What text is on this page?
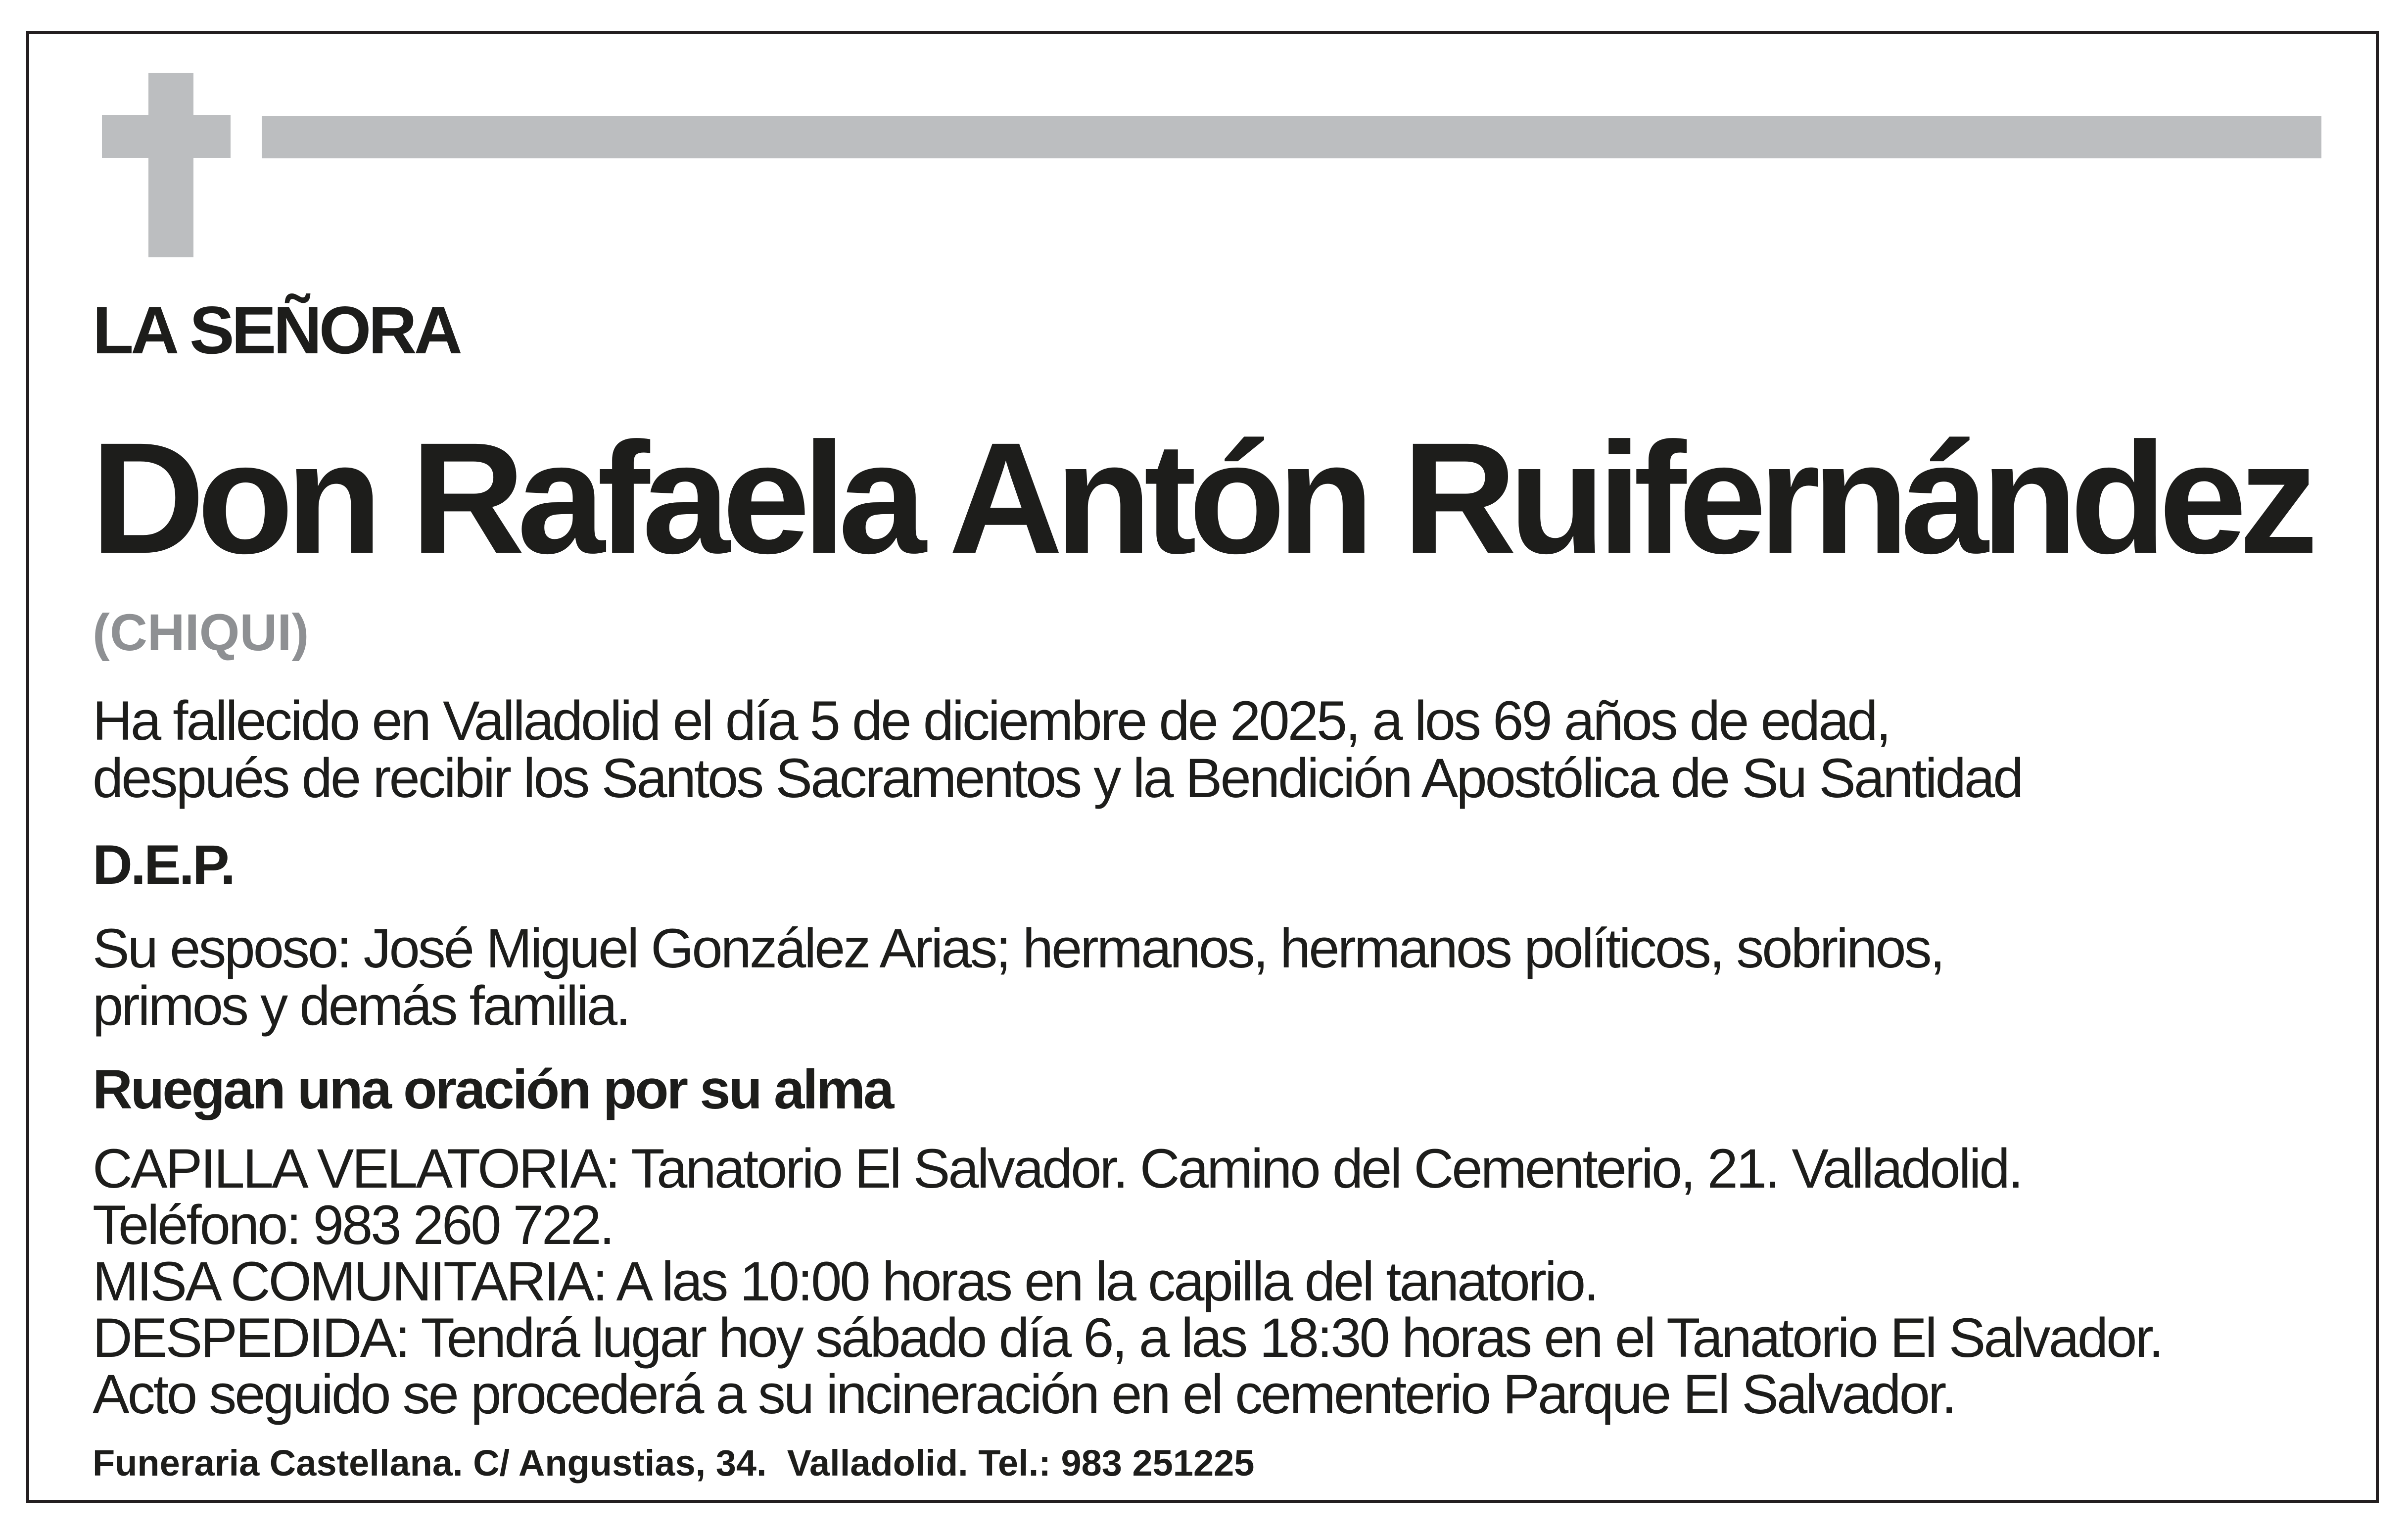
LA SEÑORA
Don Rafaela Antón Ruifernández
(CHIQUI)
Ha fallecido en Valladolid el día 5 de diciembre de 2025, a los 69 años de edad,
después de recibir los Santos Sacramentos y la Bendición Apostólica de Su Santidad
D.E.P.
Su esposo: José Miguel González Arias; hermanos, hermanos políticos, sobrinos,
primos y demás familia.
Ruegan una oración por su alma
CAPILLA VELATORIA: Tanatorio El Salvador. Camino del Cementerio, 21. Valladolid.
Teléfono: 983 260 722.
MISA COMUNITARIA: A las 10:00 horas en la capilla del tanatorio.
DESPEDIDA: Tendrá lugar hoy sábado día 6, a las 18:30 horas en el Tanatorio El Salvador.
Acto seguido se procederá a su incineración en el cementerio Parque El Salvador.
Funeraria Castellana. C/ Angustias, 34.  Valladolid. Tel.: 983 251225
